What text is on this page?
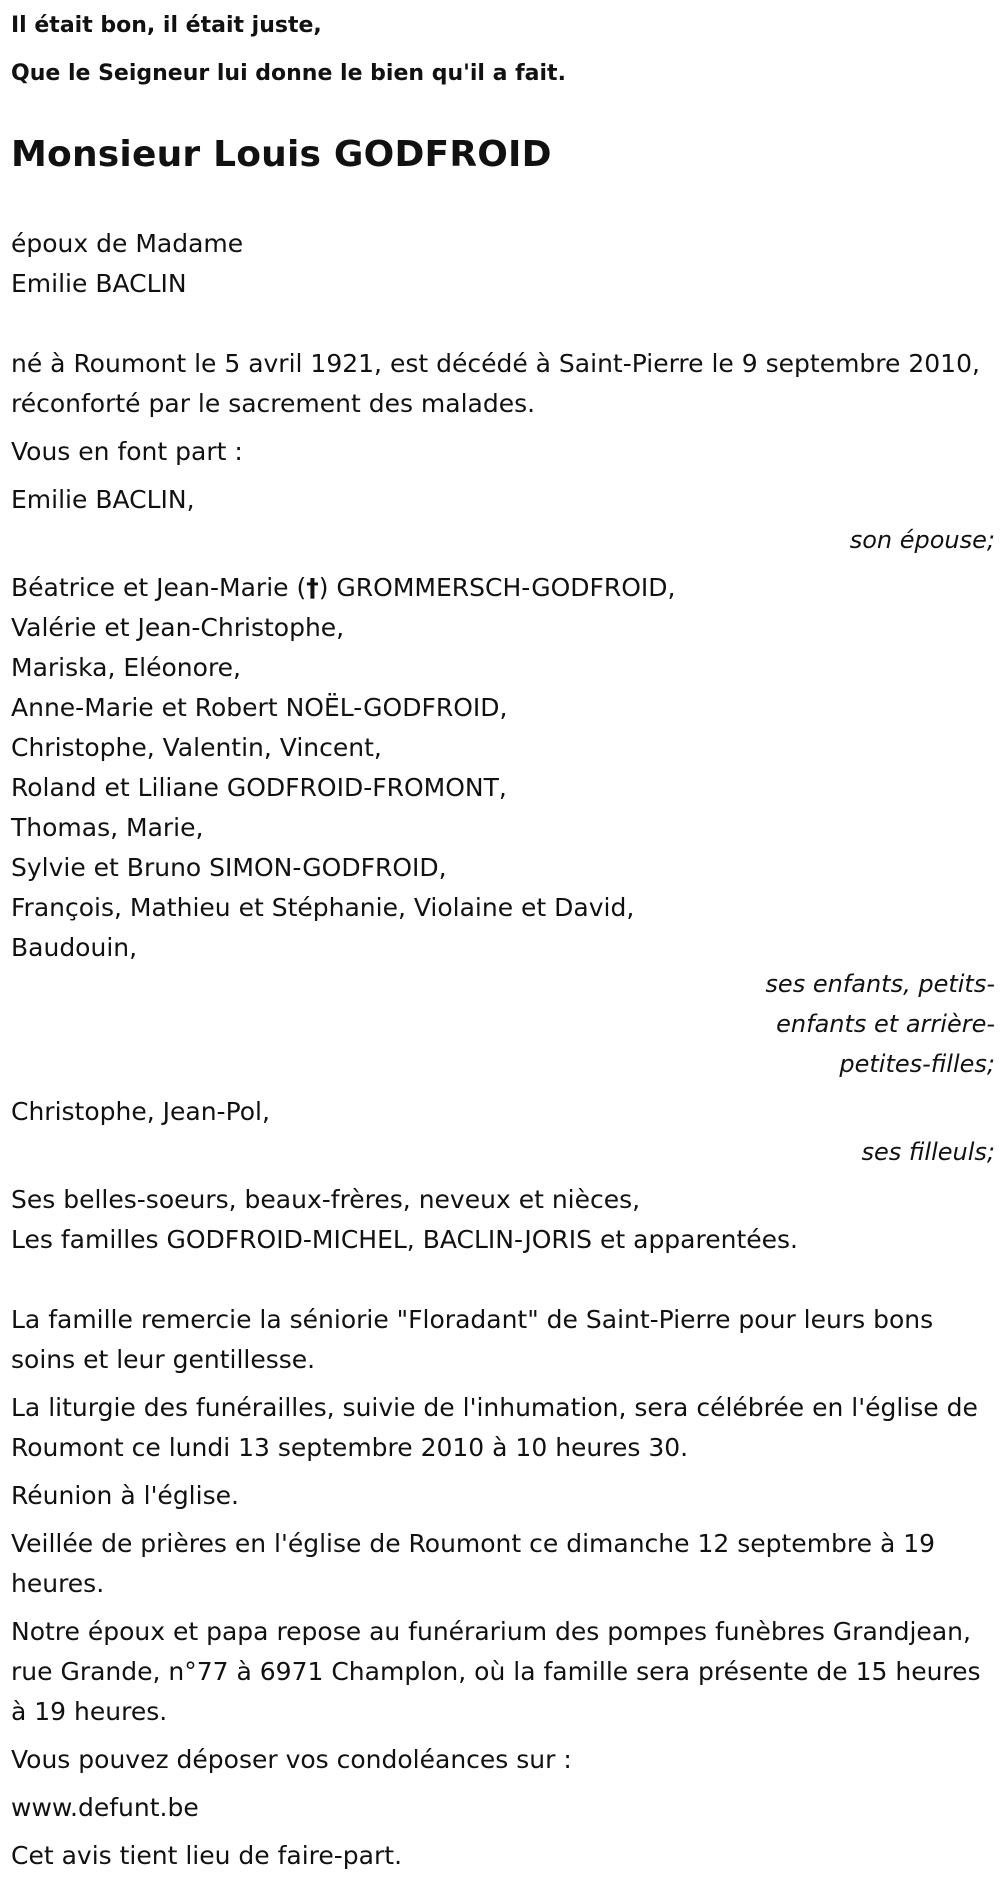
Il était bon, il était juste,

Que le Seigneur lui donne le bien qu'il a fait.

Monsieur Louis GODFROID

époux de Madame

Emilie BACLIN

né à Roumont le 5 avril 1921, est décédé à Saint-Pierre le 9 septembre 2010, réconforté par le sacrement des malades.

Vous en font part :

Emilie BACLIN,

son épouse;

Béatrice et Jean-Marie (†) GROMMERSCH-GODFROID,

Valérie et Jean-Christophe,

Mariska, Eléonore,

Anne-Marie et Robert NOËL-GODFROID,

Christophe, Valentin, Vincent,

Roland et Liliane GODFROID-FROMONT,

Thomas, Marie,

Sylvie et Bruno SIMON-GODFROID,

François, Mathieu et Stéphanie, Violaine et David,

Baudouin,

ses enfants, petits-
enfants et arrière-
petites-filles;

Christophe, Jean-Pol,

ses filleuls;

Ses belles-soeurs, beaux-frères, neveux et nièces,

Les familles GODFROID-MICHEL, BACLIN-JORIS et apparentées.

La famille remercie la séniorie "Floradant" de Saint-Pierre pour leurs bons soins et leur gentillesse.

La liturgie des funérailles, suivie de l'inhumation, sera célébrée en l'église de Roumont ce lundi 13 septembre 2010 à 10 heures 30.

Réunion à l'église.

Veillée de prières en l'église de Roumont ce dimanche 12 septembre à 19 heures.

Notre époux et papa repose au funérarium des pompes funèbres Grandjean, rue Grande, n°77 à 6971 Champlon, où la famille sera présente de 15 heures à 19 heures.

Vous pouvez déposer vos condoléances sur :

www.defunt.be

Cet avis tient lieu de faire-part.
